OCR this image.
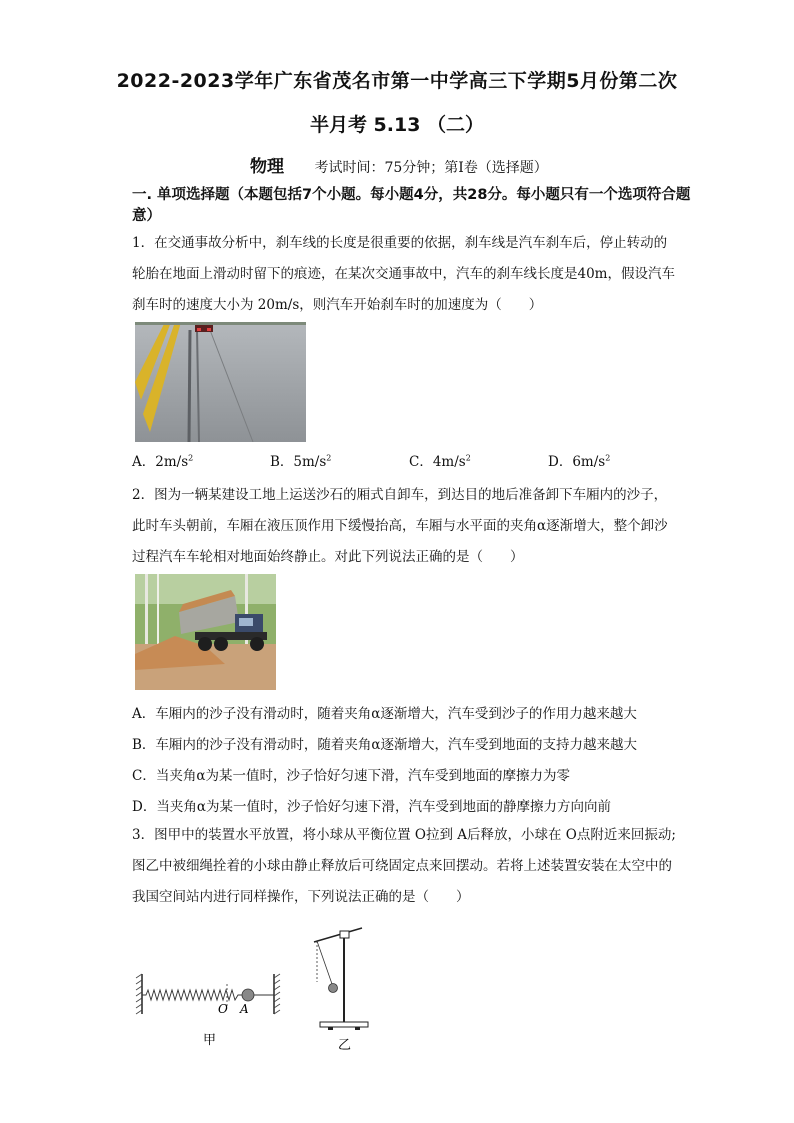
2022-2023学年广东省茂名市第一中学高三下学期5月份第二次
半月考 5.13 （二）
物理 考试时间：75分钟；第Ⅰ卷（选择题）
一. 单项选择题（本题包括7个小题。每小题4分，共28分。每小题只有一个选项符合题意）
1．在交通事故分析中，刹车线的长度是很重要的依据，刹车线是汽车刹车后，停止转动的
轮胎在地面上滑动时留下的痕迹，在某次交通事故中，汽车的刹车线长度是40m，假设汽车
刹车时的速度大小为 20m/s，则汽车开始刹车时的加速度为（　　）
A．$2m/s^2$	B．$5m/s^2$	C．$4m/s^2$	D．$6m/s^2$
2．图为一辆某建设工地上运送沙石的厢式自卸车，到达目的地后准备卸下车厢内的沙子，
此时车头朝前，车厢在液压顶作用下缓慢抬高，车厢与水平面的夹角α逐渐增大，整个卸沙
过程汽车车轮相对地面始终静止。对此下列说法正确的是（　　）
A．车厢内的沙子没有滑动时，随着夹角α逐渐增大，汽车受到沙子的作用力越来越大
B．车厢内的沙子没有滑动时，随着夹角α逐渐增大，汽车受到地面的支持力越来越大
C．当夹角α为某一值时，沙子恰好匀速下滑，汽车受到地面的摩擦力为零
D．当夹角α为某一值时，沙子恰好匀速下滑，汽车受到地面的静摩擦力方向向前
3．图甲中的装置水平放置，将小球从平衡位置 O拉到 A后释放，小球在 O点附近来回振动;
图乙中被细绳拴着的小球由静止释放后可绕固定点来回摆动。若将上述装置安装在太空中的
我国空间站内进行同样操作，下列说法正确的是（　　）
O A
甲	乙
